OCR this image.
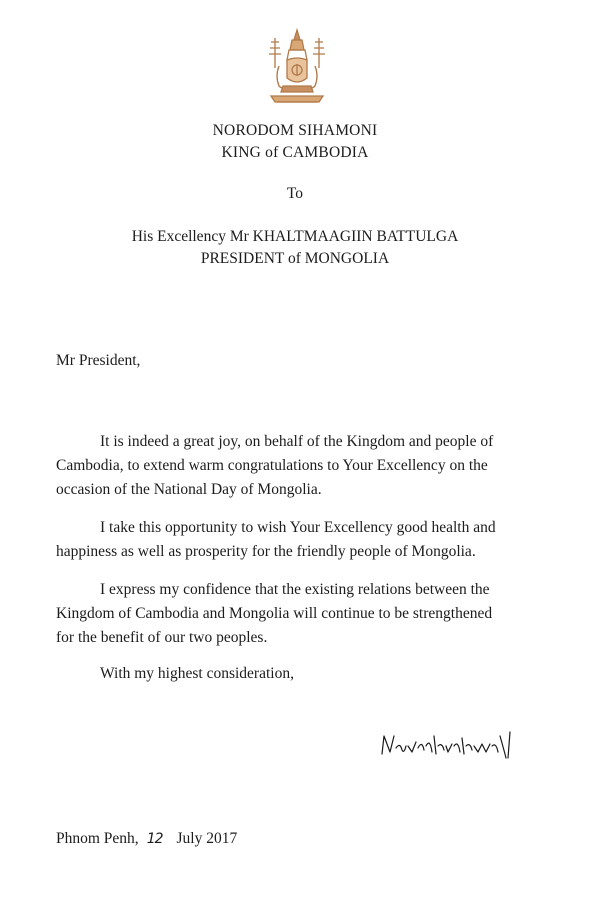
NORODOM SIHAMONI
KING of CAMBODIA
To
His Excellency Mr KHALTMAAGIIN BATTULGA
PRESIDENT of MONGOLIA
Mr President,
It is indeed a great joy, on behalf of the Kingdom and people of
Cambodia, to extend warm congratulations to Your Excellency on the
occasion of the National Day of Mongolia.
I take this opportunity to wish Your Excellency good health and
happiness as well as prosperity for the friendly people of Mongolia.
I express my confidence that the existing relations between the
Kingdom of Cambodia and Mongolia will continue to be strengthened
for the benefit of our two peoples.
With my highest consideration,
Phnom Penh, 12 July 2017
